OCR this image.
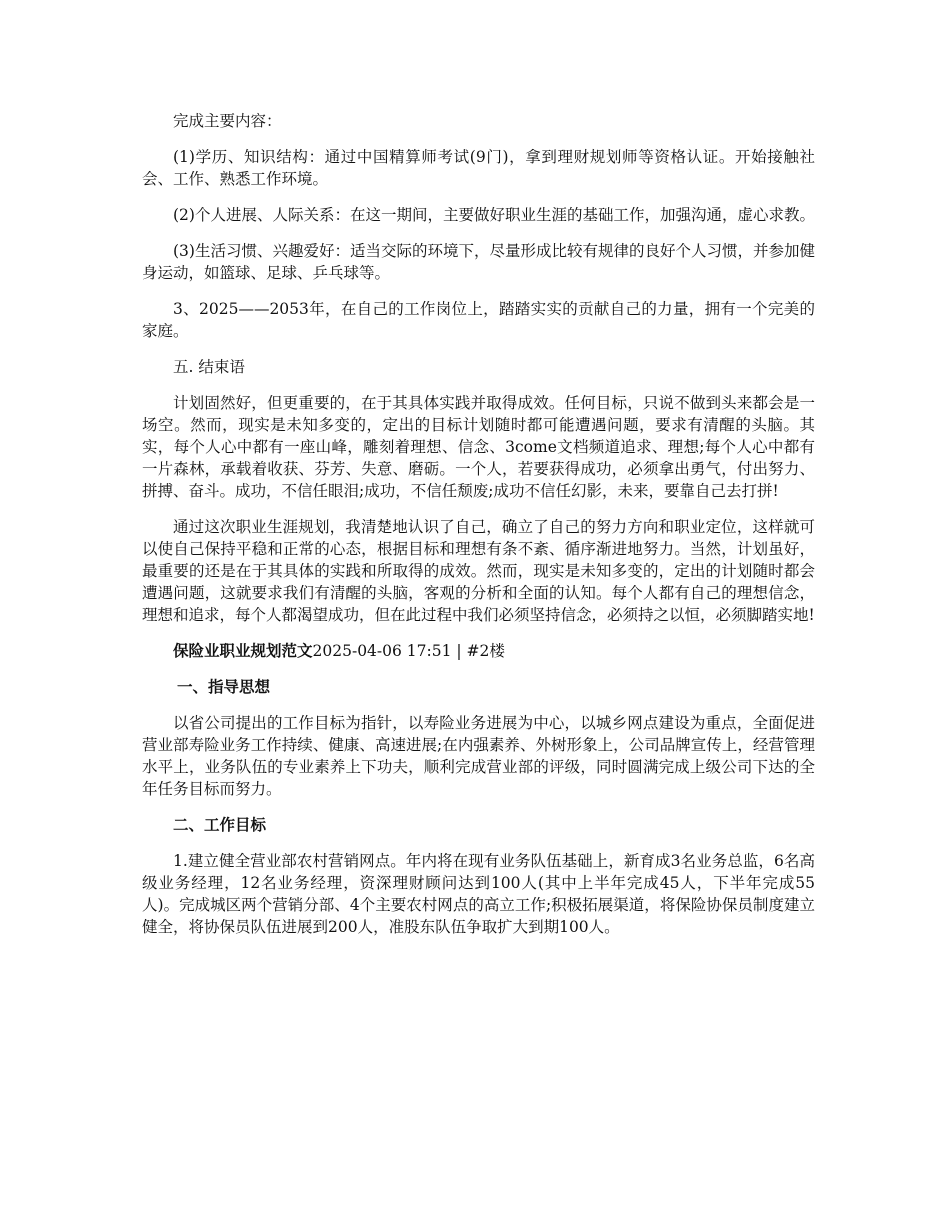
完成主要内容：

(1)学历、知识结构：通过中国精算师考试(9门)，拿到理财规划师等资格认证。开始接触社会、工作、熟悉工作环境。

(2)个人进展、人际关系：在这一期间，主要做好职业生涯的基础工作，加强沟通，虚心求教。

(3)生活习惯、兴趣爱好：适当交际的环境下，尽量形成比较有规律的良好个人习惯，并参加健身运动，如篮球、足球、乒乓球等。

3、2025——2053年，在自己的工作岗位上，踏踏实实的贡献自己的力量，拥有一个完美的家庭。

五. 结束语

计划固然好，但更重要的，在于其具体实践并取得成效。任何目标，只说不做到头来都会是一场空。然而，现实是未知多变的，定出的目标计划随时都可能遭遇问题，要求有清醒的头脑。其实，每个人心中都有一座山峰，雕刻着理想、信念、3come文档频道追求、理想;每个人心中都有一片森林，承载着收获、芬芳、失意、磨砺。一个人，若要获得成功，必须拿出勇气，付出努力、拼搏、奋斗。成功，不信任眼泪;成功，不信任颓废;成功不信任幻影，未来，要靠自己去打拼!

通过这次职业生涯规划，我清楚地认识了自己，确立了自己的努力方向和职业定位，这样就可以使自己保持平稳和正常的心态，根据目标和理想有条不紊、循序渐进地努力。当然，计划虽好，最重要的还是在于其具体的实践和所取得的成效。然而，现实是未知多变的，定出的计划随时都会遭遇问题，这就要求我们有清醒的头脑，客观的分析和全面的认知。每个人都有自己的理想信念，理想和追求，每个人都渴望成功，但在此过程中我们必须坚持信念，必须持之以恒，必须脚踏实地!

保险业职业规划范文2025-04-06 17:51 | #2楼

一、指导思想

以省公司提出的工作目标为指针，以寿险业务进展为中心，以城乡网点建设为重点，全面促进营业部寿险业务工作持续、健康、高速进展;在内强素养、外树形象上，公司品牌宣传上，经营管理水平上，业务队伍的专业素养上下功夫，顺利完成营业部的评级，同时圆满完成上级公司下达的全年任务目标而努力。

二、工作目标

1.建立健全营业部农村营销网点。年内将在现有业务队伍基础上，新育成3名业务总监，6名高级业务经理，12名业务经理，资深理财顾问达到100人(其中上半年完成45人，下半年完成55人)。完成城区两个营销分部、4个主要农村网点的高立工作;积极拓展渠道，将保险协保员制度建立健全，将协保员队伍进展到200人，准股东队伍争取扩大到期100人。
